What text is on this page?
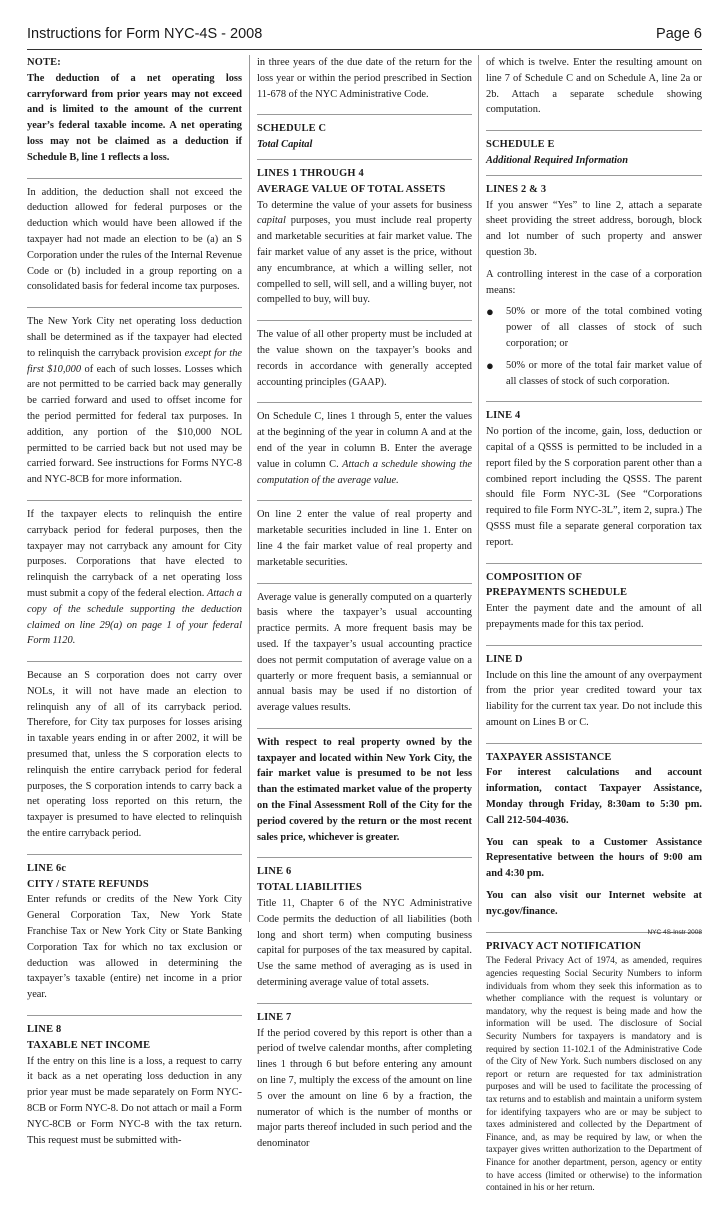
Instructions for Form NYC-4S - 2008	Page 6
NOTE:

The deduction of a net operating loss carryforward from prior years may not exceed and is limited to the amount of the current year’s federal taxable income. A net operating loss may not be claimed as a deduction if Schedule B, line 1 reflects a loss.

In addition, the deduction shall not exceed the deduction allowed for federal purposes or the deduction which would have been allowed if the taxpayer had not made an election to be (a) an S Corporation under the rules of the Internal Revenue Code or (b) included in a group reporting on a consolidated basis for federal income tax purposes.

The New York City net operating loss deduction shall be determined as if the taxpayer had elected to relinquish the carryback provision except for the first $10,000 of each of such losses. Losses which are not permitted to be carried back may generally be carried forward and used to offset income for the period permitted for federal tax purposes. In addition, any portion of the $10,000 NOL permitted to be carried back but not used may be carried forward. See instructions for Forms NYC-8 and NYC-8CB for more information.

If the taxpayer elects to relinquish the entire carryback period for federal purposes, then the taxpayer may not carryback any amount for City purposes. Corporations that have elected to relinquish the carryback of a net operating loss must submit a copy of the federal election. Attach a copy of the schedule supporting the deduction claimed on line 29(a) on page 1 of your federal Form 1120.

Because an S corporation does not carry over NOLs, it will not have made an election to relinquish any of all of its carryback period. Therefore, for City tax purposes for losses arising in taxable years ending in or after 2002, it will be presumed that, unless the S corporation elects to relinquish the entire carryback period for federal purposes, the S corporation intends to carry back a net operating loss reported on this return, the taxpayer is presumed to have elected to relinquish the entire carryback period.

LINE 6c
CITY / STATE REFUNDS

Enter refunds or credits of the New York City General Corporation Tax, New York State Franchise Tax or New York City or State Banking Corporation Tax for which no tax exclusion or deduction was allowed in determining the taxpayer’s taxable (entire) net income in a prior year.

LINE 8
TAXABLE NET INCOME

If the entry on this line is a loss, a request to carry it back as a net operating loss deduction in any prior year must be made separately on Form NYC-8CB or Form NYC-8. Do not attach or mail a Form NYC-8CB or Form NYC-8 with the tax return. This request must be submitted with-

in three years of the due date of the return for the loss year or within the period prescribed in Section 11-678 of the NYC Administrative Code.

SCHEDULE C
Total Capital
LINES 1 THROUGH 4
AVERAGE VALUE OF TOTAL ASSETS

To determine the value of your assets for business capital purposes, you must include real property and marketable securities at fair market value. The fair market value of any asset is the price, without any encumbrance, at which a willing seller, not compelled to sell, will sell, and a willing buyer, not compelled to buy, will buy.

The value of all other property must be included at the value shown on the taxpayer’s books and records in accordance with generally accepted accounting principles (GAAP).

On Schedule C, lines 1 through 5, enter the values at the beginning of the year in column A and at the end of the year in column B. Enter the average value in column C. Attach a schedule showing the computation of the average value.

On line 2 enter the value of real property and marketable securities included in line 1. Enter on line 4 the fair market value of real property and marketable securities.

Average value is generally computed on a quarterly basis where the taxpayer’s usual accounting practice permits. A more frequent basis may be used. If the taxpayer’s usual accounting practice does not permit computation of average value on a quarterly or more frequent basis, a semiannual or annual basis may be used if no distortion of average values results.

With respect to real property owned by the taxpayer and located within New York City, the fair market value is presumed to be not less than the estimated market value of the property on the Final Assessment Roll of the City for the period covered by the return or the most recent sales price, whichever is greater.

LINE 6
TOTAL LIABILITIES

Title 11, Chapter 6 of the NYC Administrative Code permits the deduction of all liabilities (both long and short term) when computing business capital for purposes of the tax measured by capital. Use the same method of averaging as is used in determining average value of total assets.

LINE 7

If the period covered by this report is other than a period of twelve calendar months, after completing lines 1 through 6 but before entering any amount on line 7, multiply the excess of the amount on line 5 over the amount on line 6 by a fraction, the numerator of which is the number of months or major parts thereof included in such period and the denominator

of which is twelve. Enter the resulting amount on line 7 of Schedule C and on Schedule A, line 2a or 2b. Attach a separate schedule showing computation.

SCHEDULE E
Additional Required Information
LINES 2 & 3

If you answer “Yes” to line 2, attach a separate sheet providing the street address, borough, block and lot number of such property and answer question 3b.

A controlling interest in the case of a corporation means:

●	50% or more of the total combined voting power of all classes of stock of such corporation; or
●	50% or more of the total fair market value of all classes of stock of such corporation.
LINE 4

No portion of the income, gain, loss, deduction or capital of a QSSS is permitted to be included in a report filed by the S corporation parent other than a combined report including the QSSS. The parent should file Form NYC-3L (See “Corporations required to file Form NYC-3L”, item 2, supra.) The QSSS must file a separate general corporation tax report.

COMPOSITION OF
PREPAYMENTS SCHEDULE

Enter the payment date and the amount of all prepayments made for this tax period.

LINE D

Include on this line the amount of any overpayment from the prior year credited toward your tax liability for the current tax year. Do not include this amount on Lines B or C.

TAXPAYER ASSISTANCE

For interest calculations and account information, contact Taxpayer Assistance, Monday through Friday, 8:30am to 5:30 pm. Call 212-504-4036.

You can speak to a Customer Assistance Representative between the hours of 9:00 am and 4:30 pm.

You can also visit our Internet website at nyc.gov/finance.

PRIVACY ACT NOTIFICATION

The Federal Privacy Act of 1974, as amended, requires agencies requesting Social Security Numbers to inform individuals from whom they seek this information as to whether compliance with the request is voluntary or mandatory, why the request is being made and how the information will be used. The disclosure of Social Security Numbers for taxpayers is mandatory and is required by section 11-102.1 of the Administrative Code of the City of New York. Such numbers disclosed on any report or return are requested for tax administration purposes and will be used to facilitate the processing of tax returns and to establish and maintain a uniform system for identifying taxpayers who are or may be subject to taxes administered and collected by the Department of Finance, and, as may be required by law, or when the taxpayer gives written authorization to the Department of Finance for another department, person, agency or entity to have access (limited or otherwise) to the information contained in his or her return.

NYC 4S-Instr 2008
